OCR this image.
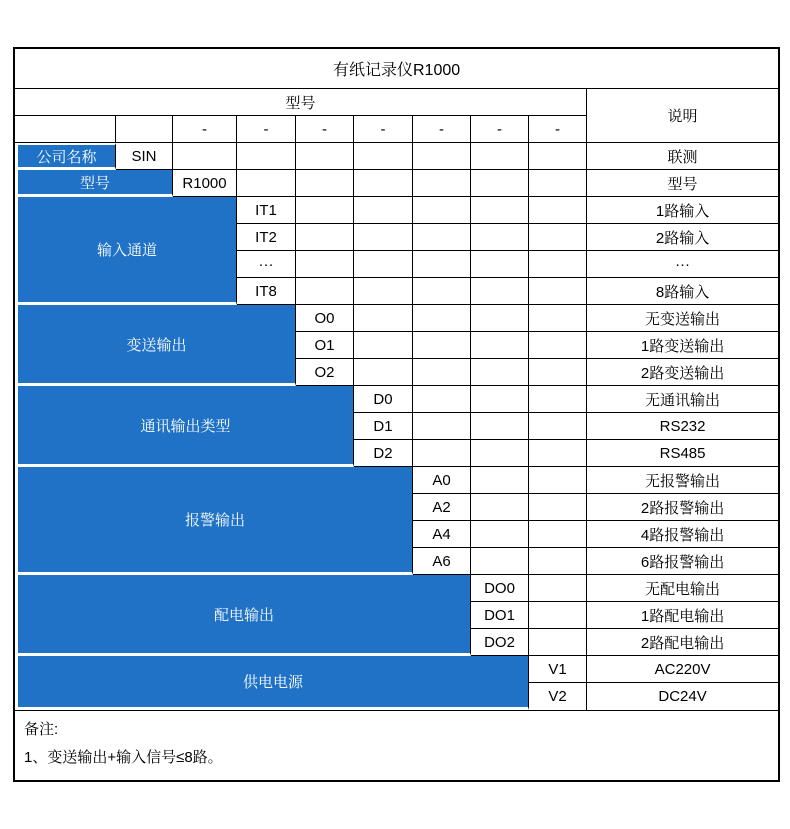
有纸记录仪R1000									
型号									说明
		-	-	-	-	-	-	-	
公司名称	SIN								联测
型号		R1000							型号
输入通道			IT1						1路输入
			IT2						2路输入
			···						···
			IT8						8路输入
变送输出				O0					无变送输出
				O1					1路变送输出
				O2					2路变送输出
通讯输出类型					D0				无通讯输出
					D1				RS232
					D2				RS485
报警输出						A0			无报警输出
						A2			2路报警输出
						A4			4路报警输出
						A6			6路报警输出
配电输出							DO0		无配电输出
							DO1		1路配电输出
							DO2		2路配电输出
供电电源								V1	AC220V
								V2	DC24V

备注:
1、变送输出+输入信号≤8路。									
